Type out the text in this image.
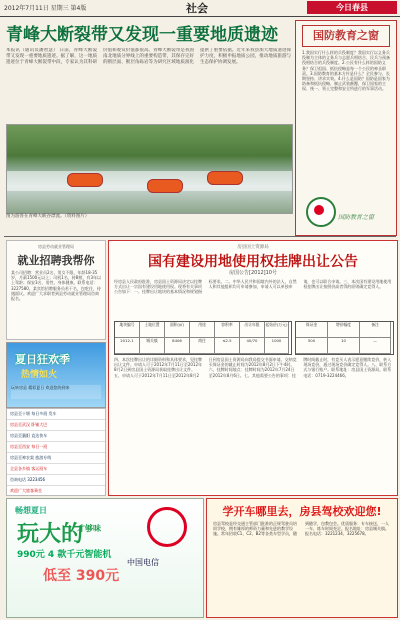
2012年7月11日 星期三 第4版	社会	今日春县
青峰大断裂带又发现一重要地质遗迹
本报讯（通讯员潘智慧） 日前，青峰大断裂带又发现一重要地质遗迹。据了解，这一地质遗迹位于青峰大断裂带中段，专家认为其科研价值和观赏价值都很高。青峰大断裂带是我国南北地质分界线上的重要构造带，其保存完好的断层面、断层角砾岩等为研究区域地质演化提供了重要依据。近年来我县加大地质遗迹保护力度，积极申报地质公园，推动地质旅游与生态保护协调发展。
图为游客在青峰大峡谷漂流。（资料图片）
国防教育之窗
1.我国实行什么样的兵役制度？我国实行以义务兵役制为主体的义务兵与志愿兵相结合、民兵与预备役相结合的兵役制度。2.公民有什么样的国防义务？保卫祖国、抵抗侵略是每一个公民的神圣职责。3.国防教育的基本方针是什么？全民参与、长期坚持、讲求实效。4.什么是国防？国防是国家为防备和抵抗侵略，制止武装颠覆，保卫国家的主权、统一、领土完整和安全所进行的军事活动。
国防教育之窗
房县劳动就业管理局
就业招聘我帮你
某公司招聘：营业员2名，男女不限，年龄18-35岁，月薪1500元以上；司机1名，持B照，有3年以上驾龄；保安3名，男性，身体健康。联系电话：3227580。某宾馆招聘服务员若干名，包吃住，待遇面议。欢迎广大求职者到县劳动就业管理局咨询报名。
夏日狂欢季
热情如火
玩转房县 精彩夏日 欢迎您的到来
房县至十堰 每日多班 发车
房县至武汉 卧铺大巴
房县至襄阳 直达快车
房县至西安 每日一班
房县至神农架 旅游专线
全县各乡镇 客运班车
咨询电话 3223456
欢迎广大旅客乘坐
房县国土资源局
国有建设用地使用权挂牌出让公告
房国公告[2012]10号
经房县人民政府批准，房县国土资源局决定以挂牌方式出让一宗国有建设用地使用权。现将有关事项公告如下：一、挂牌出让地块的基本情况和规划指标要求。二、中华人民共和国境内外的法人、自然人和其他组织均可申请参加，申请人可以单独申请，也可以联合申请。三、本次国有建设用地使用权挂牌出让按照价高者得的原则确定竞得人。
地块编号	土地位置	面积(㎡)	用途	容积率	出让年限	起始价(万元)
2012-1	城关镇	8406	商住	≤2.5	40/70	1000
保证金	增价幅度	备注
500	10	—
四、本次挂牌出让的详细资料和具体要求，见挂牌出让文件。申请人可于2012年7月11日至2012年8月2日到房县国土资源局获取挂牌出让文件。五、申请人可于2012年7月11日至2012年8月2日到房县国土资源局向我局提交书面申请。交纳竞买保证金的截止时间为2012年8月2日下午4时。六、挂牌时间地点：挂牌时间为2012年7月24日至2012年8月6日。七、其他需要公告的事项：挂牌时间截止时，有竞买人表示愿意继续竞价，转入现场竞价，通过现场竞价确定竞得人。八、联系方式与银行账户。联系地址：房县国土资源局。联系电话：0719-3224466。
畅想夏日
玩大的
才够味
990元 4 款千元智能机
低至 390元
中国电信
学开车哪里去，房县驾校欢迎您!
房县驾校是经交通主管部门批准的正规驾驶员培训学校，拥有雄厚的师资力量和先进的教学设施。常年招收C1、C2、B2等各类车型学员，随到随学，包教包会。优质服务：专车接送，一人一车，练车时间充足。报名地址：房县城关镇。报名电话：3221234、3225678。
